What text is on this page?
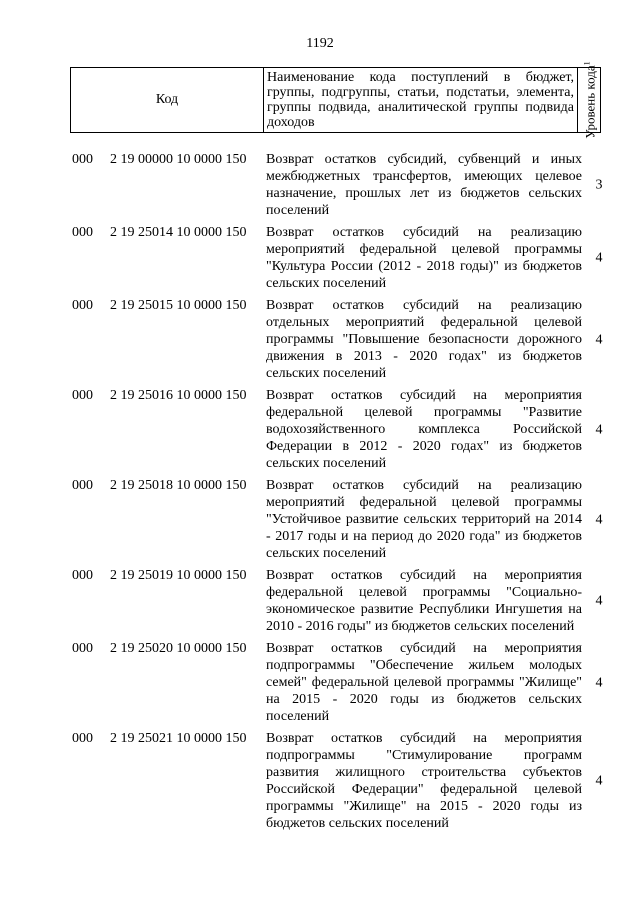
1192
Код
Наименование кода поступлений в бюджет, группы, подгруппы, статьи, подстатьи, элемента, группы подвида, аналитической группы подвида доходов	Уровень кода$^1$
000 2 19 00000 10 0000 150 Возврат остатков субсидий, субвенций и иных межбюджетных трансфертов, имеющих целевое назначение, прошлых лет из бюджетов сельских поселений
3
000 2 19 25014 10 0000 150 Возврат остатков субсидий на реализацию мероприятий федеральной целевой программы "Культура России (2012 - 2018 годы)" из бюджетов сельских поселений
4
000 2 19 25015 10 0000 150 Возврат остатков субсидий на реализацию отдельных мероприятий федеральной целевой программы "Повышение безопасности дорожного движения в 2013 - 2020 годах" из бюджетов сельских поселений
4
000 2 19 25016 10 0000 150 Возврат остатков субсидий на мероприятия федеральной целевой программы "Развитие водохозяйственного комплекса Российской Федерации в 2012 - 2020 годах" из бюджетов сельских поселений
4
000 2 19 25018 10 0000 150 Возврат остатков субсидий на реализацию мероприятий федеральной целевой программы "Устойчивое развитие сельских территорий на 2014 - 2017 годы и на период до 2020 года" из бюджетов сельских поселений
4
000 2 19 25019 10 0000 150 Возврат остатков субсидий на мероприятия федеральной целевой программы "Социально-экономическое развитие Республики Ингушетия на 2010 - 2016 годы" из бюджетов сельских поселений
4
000 2 19 25020 10 0000 150 Возврат остатков субсидий на мероприятия подпрограммы "Обеспечение жильем молодых семей" федеральной целевой программы "Жилище" на 2015 - 2020 годы из бюджетов сельских поселений
4
000 2 19 25021 10 0000 150 Возврат остатков субсидий на мероприятия подпрограммы "Стимулирование программ развития жилищного строительства субъектов Российской Федерации" федеральной целевой программы "Жилище" на 2015 - 2020 годы из бюджетов сельских поселений
4
